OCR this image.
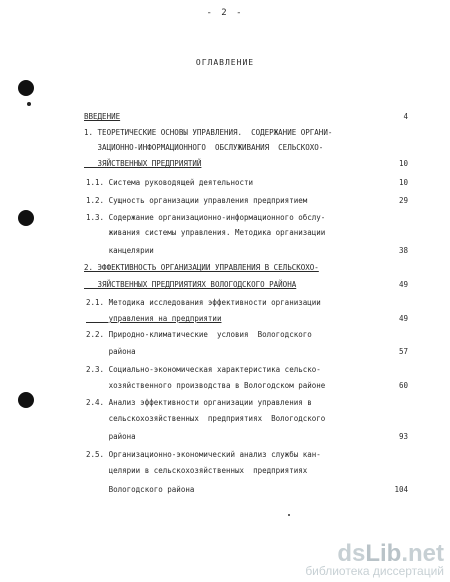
- 2 -
ОГЛАВЛЕНИЕ
ВВЕДЕНИЕ	4
1. ТЕОРЕТИЧЕСКИЕ ОСНОВЫ УПРАВЛЕНИЯ.  СОДЕРЖАНИЕ ОРГАНИ-
ЗАЦИОННО-ИНФОРМАЦИОННОГО  ОБСЛУЖИВАНИЯ  СЕЛЬСКОХО-
ЗЯЙСТВЕННЫХ ПРЕДПРИЯТИЙ	10
1.1. Система руководящей деятельности	10
1.2. Сущность организации управления предприятием	29
1.3. Содержание организационно-информационного обслу-
живания системы управления. Методика организации
канцелярии	38
2. ЭФФЕКТИВНОСТЬ ОРГАНИЗАЦИИ УПРАВЛЕНИЯ В СЕЛЬСКОХО-
ЗЯЙСТВЕННЫХ ПРЕДПРИЯТИЯХ ВОЛОГОДСКОГО РАЙОНА	49
2.1. Методика исследования эффективности организации
управления на предприятии	49
2.2. Природно-климатические  условия  Вологодского
района	57
2.3. Социально-экономическая характеристика сельско-
хозяйственного производства в Вологодском районе	60
2.4. Анализ эффективности организации управления в
сельскохозяйственных  предприятиях  Вологодского
района	93
2.5. Организационно-экономический анализ службы кан-
целярии в сельскохозяйственных  предприятиях
Вологодского района	104
dsLib.net
библиотека диссертаций
